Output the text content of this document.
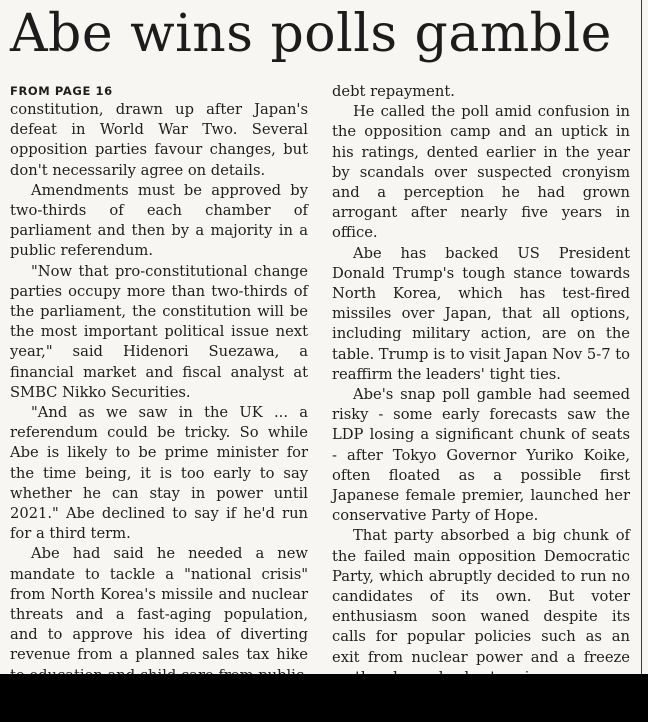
Abe wins polls gamble
FROM PAGE 16

constitution, drawn up after Japan's defeat in World War Two. Several opposition parties favour changes, but don't necessarily agree on details.

Amendments must be approved by two-thirds of each chamber of parliament and then by a majority in a public referendum.

"Now that pro-constitutional change parties occupy more than two-thirds of the parliament, the constitution will be the most important political issue next year," said Hidenori Suezawa, a financial market and fiscal analyst at SMBC Nikko Securities.

"And as we saw in the UK ... a referendum could be tricky. So while Abe is likely to be prime minister for the time being, it is too early to say whether he can stay in power until 2021." Abe declined to say if he'd run for a third term.

Abe had said he needed a new mandate to tackle a "national crisis" from North Korea's missile and nuclear threats and a fast-aging population, and to approve his idea of diverting revenue from a planned sales tax hike

debt repayment.

He called the poll amid confusion in the opposition camp and an uptick in his ratings, dented earlier in the year by scandals over suspected cronyism and a perception he had grown arrogant after nearly five years in office.

Abe has backed US President Donald Trump's tough stance towards North Korea, which has test-fired missiles over Japan, that all options, including military action, are on the table. Trump is to visit Japan Nov 5-7 to reaffirm the leaders' tight ties.

Abe's snap poll gamble had seemed risky - some early forecasts saw the LDP losing a significant chunk of seats - after Tokyo Governor Yuriko Koike, often floated as a possible first Japanese female premier, launched her conservative Party of Hope.

That party absorbed a big chunk of the failed main opposition Democratic Party, which abruptly decided to run no candidates of its own. But voter enthusiasm soon waned despite its calls for popular policies such as an exit from nuclear power and a freeze
